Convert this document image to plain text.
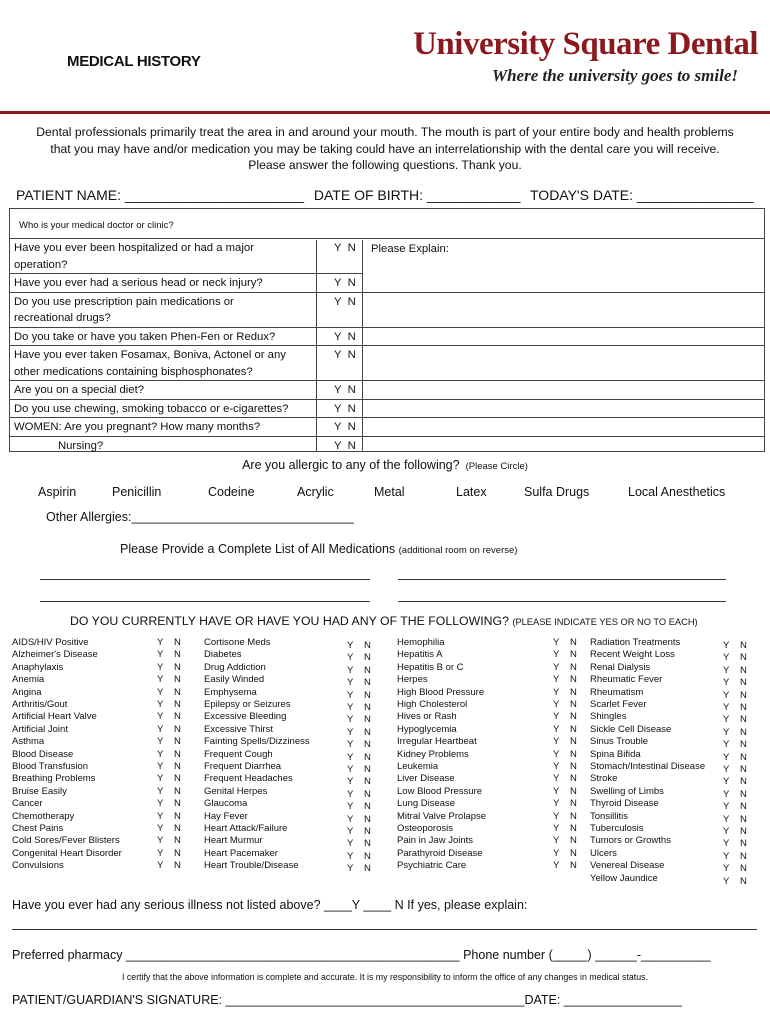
MEDICAL HISTORY	University Square Dental
Where the university goes to smile!
Dental professionals primarily treat the area in and around your mouth. The mouth is part of your entire body and health problems
that you may have and/or medication you may be taking could have an interrelationship with the dental care you will receive.
Please answer the following questions. Thank you.
PATIENT NAME: _______________________ DATE OF BIRTH: ____________ TODAY'S DATE: _______________
Please Explain:
Have you ever been hospitalized or had a major
operation?
Y  N
Have you ever had a serious head or neck injury?	Y  N
Do you use prescription pain medications or
recreational drugs?
Y  N
Do you take or have you taken Phen-Fen or Redux?	Y  N
Have you ever taken Fosamax, Boniva, Actonel or any
other medications containing bisphosphonates?
Y  N
Are you on a special diet?	Y  N
Do you use chewing, smoking tobacco or e-cigarettes?	Y  N
WOMEN: Are you pregnant? How many months?	Y  N
Nursing?	Y  N
Who is your medical doctor or clinic?
Are you allergic to any of the following? (Please Circle)
Aspirin	Penicillin	Codeine	Acrylic	Metal	Latex	Sulfa Drugs	Local Anesthetics
Other Allergies:________________________________
Please Provide a Complete List of All Medications (additional room on reverse)
DO YOU CURRENTLY HAVE OR HAVE YOU HAD ANY OF THE FOLLOWING? (PLEASE INDICATE YES OR NO TO EACH)
AIDS/HIV Positive	Y N
Alzheimer's Disease	Y N
Anaphylaxis	Y N
Anemia	Y N
Angina	Y N
Arthritis/Gout	Y N
Artificial Heart Valve	Y N
Artificial Joint	Y N
Asthma	Y N
Blood Disease	Y N
Blood Transfusion	Y N
Breathing Problems	Y N
Bruise Easily	Y N
Cancer	Y N
Chemotherapy	Y N
Chest Pains	Y N
Cold Sores/Fever Blisters	Y N
Congenital Heart Disorder	Y N
Convulsions	Y N
Cortisone Meds	Y N
Diabetes	Y N
Drug Addiction	Y N
Easily Winded	Y N
Emphysema	Y N
Epilepsy or Seizures	Y N
Excessive Bleeding	Y N
Excessive Thirst	Y N
Fainting Spells/Dizziness	Y N
Frequent Cough	Y N
Frequent Diarrhea	Y N
Frequent Headaches	Y N
Genital Herpes	Y N
Glaucoma	Y N
Hay Fever	Y N
Heart Attack/Failure	Y N
Heart Murmur	Y N
Heart Pacemaker	Y N
Heart Trouble/Disease	Y N
Hemophilia	Y N
Hepatitis A	Y N
Hepatitis B or C	Y N
Herpes	Y N
High Blood Pressure	Y N
High Cholesterol	Y N
Hives or Rash	Y N
Hypoglycemia	Y N
Irregular Heartbeat	Y N
Kidney Problems	Y N
Leukemia	Y N
Liver Disease	Y N
Low Blood Pressure	Y N
Lung Disease	Y N
Mitral Valve Prolapse	Y N
Osteoporosis	Y N
Pain in Jaw Joints	Y N
Parathyroid Disease	Y N
Psychiatric Care	Y N
Radiation Treatments	Y N
Recent Weight Loss	Y N
Renal Dialysis	Y N
Rheumatic Fever	Y N
Rheumatism	Y N
Scarlet Fever	Y N
Shingles	Y N
Sickle Cell Disease	Y N
Sinus Trouble	Y N
Spina Bifida	Y N
Stomach/Intestinal Disease Y N
Stroke	Y N
Swelling of Limbs	Y N
Thyroid Disease	Y N
Tonsillitis	Y N
Tuberculosis	Y N
Tumors or Growths	Y N
Ulcers	Y N
Venereal Disease	Y N
Yellow Jaundice	Y N
Have you ever had any serious illness not listed above? ____Y ____ N If yes, please explain:
Preferred pharmacy ________________________________________________ Phone number (_____) ______-__________
I certify that the above information is complete and accurate. It is my responsibility to inform the office of any changes in medical status.
PATIENT/GUARDIAN'S SIGNATURE: ___________________________________________DATE: _________________
